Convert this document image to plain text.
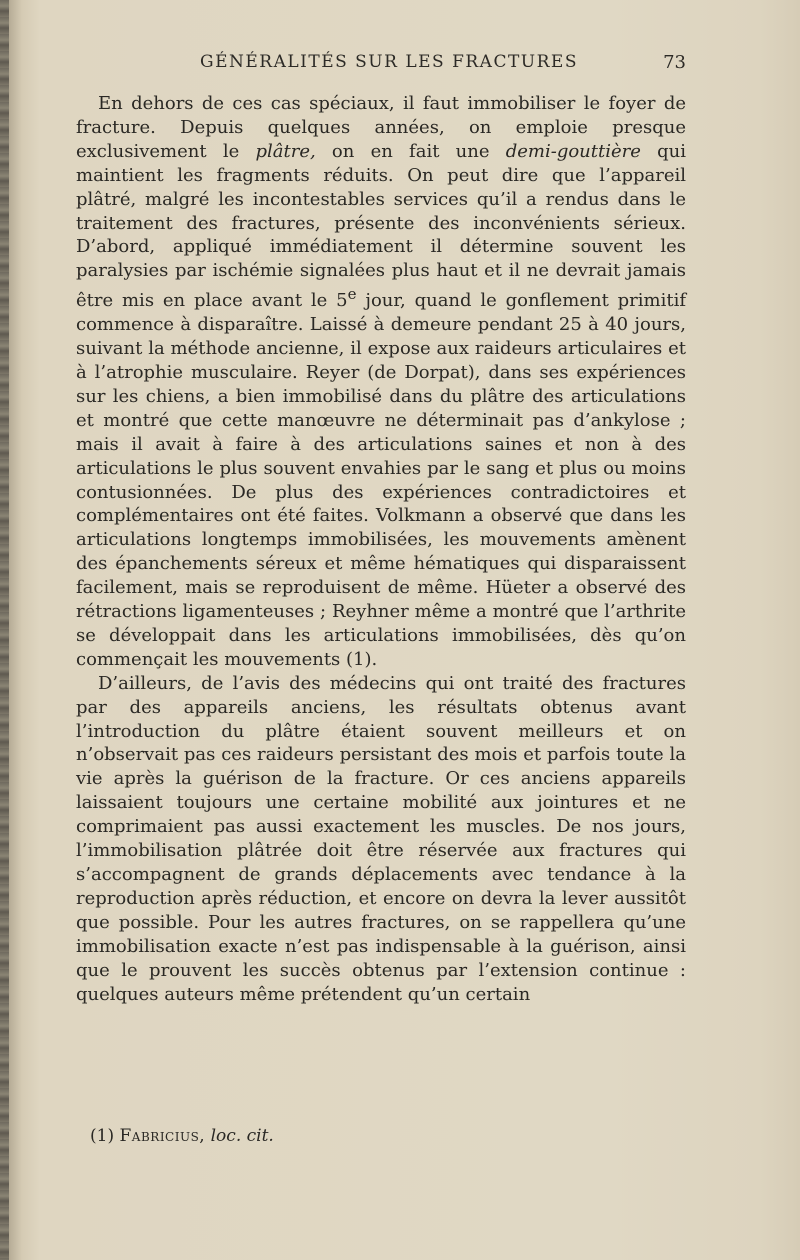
GÉNÉRALITÉS SUR LES FRACTURES	73

En dehors de ces cas spéciaux, il faut immobiliser le foyer de fracture. Depuis quelques années, on emploie presque exclusivement le plâtre, on en fait une demi-gouttière qui maintient les fragments réduits. On peut dire que l’appareil plâtré, malgré les incontestables services qu’il a rendus dans le traitement des fractures, présente des inconvénients sérieux. D’abord, appliqué immédiatement il détermine souvent les paralysies par ischémie signalées plus haut et il ne devrait jamais être mis en place avant le 5e jour, quand le gonflement primitif commence à disparaître. Laissé à demeure pendant 25 à 40 jours, suivant la méthode ancienne, il expose aux raideurs articulaires et à l’atrophie musculaire. Reyer (de Dorpat), dans ses expériences sur les chiens, a bien immobilisé dans du plâtre des articulations et montré que cette manœuvre ne déterminait pas d’ankylose ; mais il avait à faire à des articulations saines et non à des articulations le plus souvent envahies par le sang et plus ou moins contusionnées. De plus des expériences contradictoires et complémentaires ont été faites. Volkmann a observé que dans les articulations longtemps immobilisées, les mouvements amènent des épanchements séreux et même hématiques qui disparaissent facilement, mais se reproduisent de même. Hüeter a observé des rétractions ligamenteuses ; Reyhner même a montré que l’arthrite se développait dans les articulations immobilisées, dès qu’on commençait les mouvements (1).

D’ailleurs, de l’avis des médecins qui ont traité des fractures par des appareils anciens, les résultats obtenus avant l’introduction du plâtre étaient souvent meilleurs et on n’observait pas ces raideurs persistant des mois et parfois toute la vie après la guérison de la fracture. Or ces anciens appareils laissaient toujours une certaine mobilité aux jointures et ne comprimaient pas aussi exactement les muscles. De nos jours, l’immobilisation plâtrée doit être réservée aux fractures qui s’accompagnent de grands déplacements avec tendance à la reproduction après réduction, et encore on devra la lever aussitôt que possible. Pour les autres fractures, on se rappellera qu’une immobilisation exacte n’est pas indispensable à la guérison, ainsi que le prouvent les succès obtenus par l’extension continue : quelques auteurs même prétendent qu’un certain

(1) Fabricius, loc. cit.
